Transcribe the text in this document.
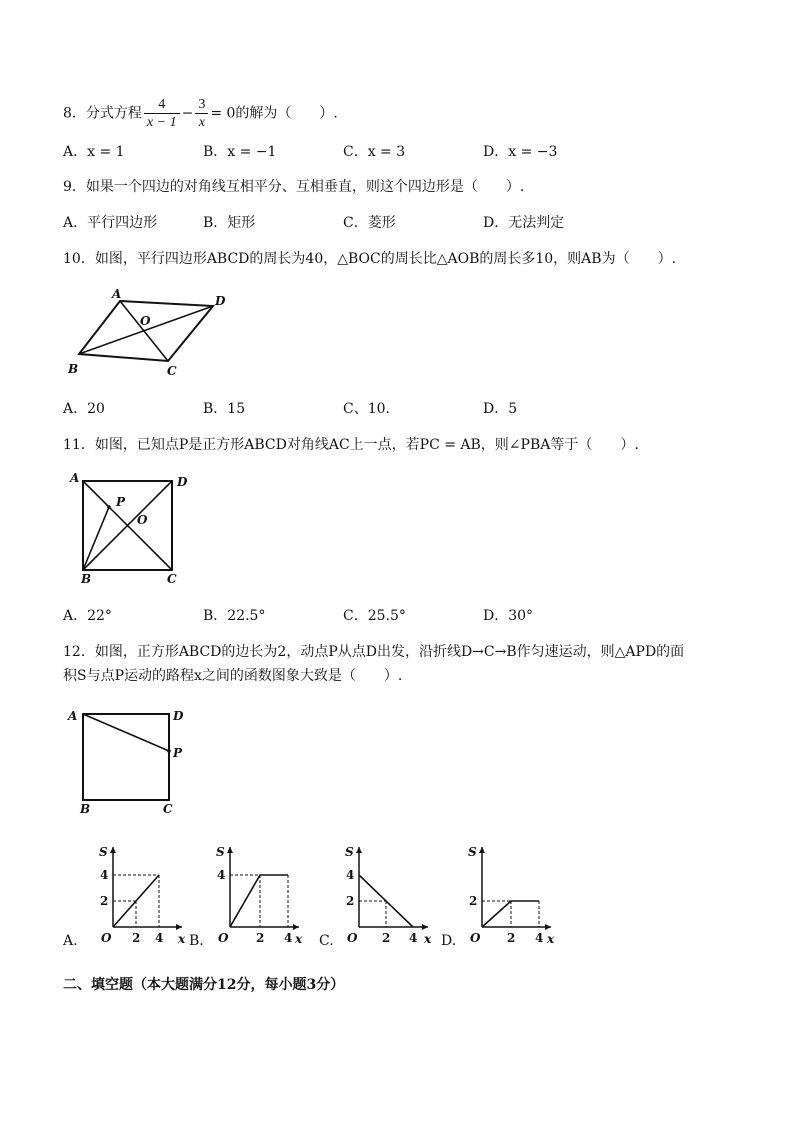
8．分式方程 $\frac{4}{x - 1} - \frac{3}{x} = 0$的解为（　　）.
A．x = 1	B．x = −1	C．x = 3	D．x = −3
9．如果一个四边的对角线互相平分、互相垂直，则这个四边形是（　　）.
A．平行四边形	B．矩形	C．菱形	D．无法判定
10．如图，平行四边形ABCD的周长为40，△BOC的周长比△AOB的周长多10，则AB为（　　）.
A	D
O
B	C
A．20	B．15	C、10.	D．5
11．如图，已知点P是正方形ABCD对角线AC上一点，若PC = AB，则∠PBA等于（　　）.
A	D
P
O
B	C
A．22°	B．22.5°	C．25.5°	D．30°
12．如图，正方形ABCD的边长为2，动点P从点D出发，沿折线D→C→B作匀速运动，则△APD的面
积S与点P运动的路程x之间的函数图象大致是（　　）.
A	D
P
B	C
S
x
O 2 4
2
4
A.
S
x
O 2 4
4
B.
S
x
O 2 4
2
4
C.
S
x
O 2 4
2
D.
二、填空题（本大题满分12分，每小题3分）
